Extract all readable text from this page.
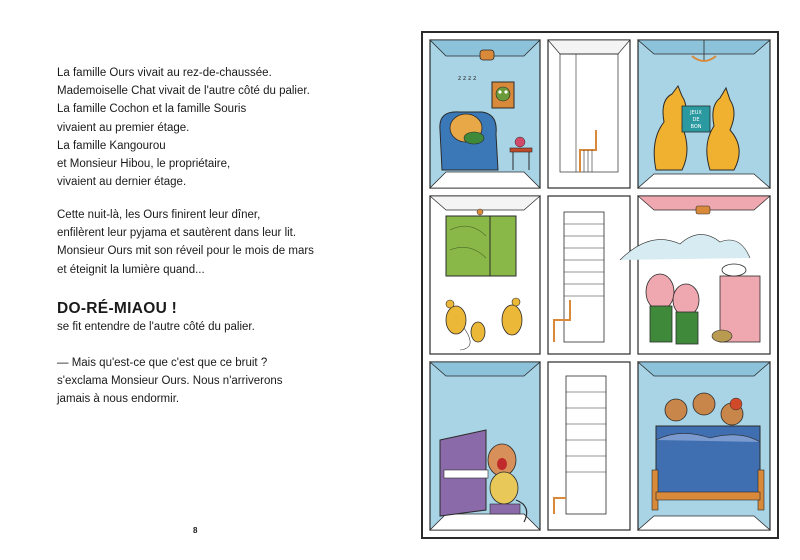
La famille Ours vivait au rez-de-chaussée.
Mademoiselle Chat vivait de l'autre côté du palier.
La famille Cochon et la famille Souris
vivaient au premier étage.
La famille Kangourou
et Monsieur Hibou, le propriétaire,
vivaient au dernier étage.

Cette nuit-là, les Ours finirent leur dîner,
enfilèrent leur pyjama et sautèrent dans leur lit.
Monsieur Ours mit son réveil pour le mois de mars
et éteignit la lumière quand...

DO-RÉ-MIAOU !

se fit entendre de l'autre côté du palier.

— Mais qu'est-ce que c'est que ce bruit ?
s'exclama Monsieur Ours. Nous n'arriverons
jamais à nous endormir.

8
z z z z
JEUX
DE
BON
